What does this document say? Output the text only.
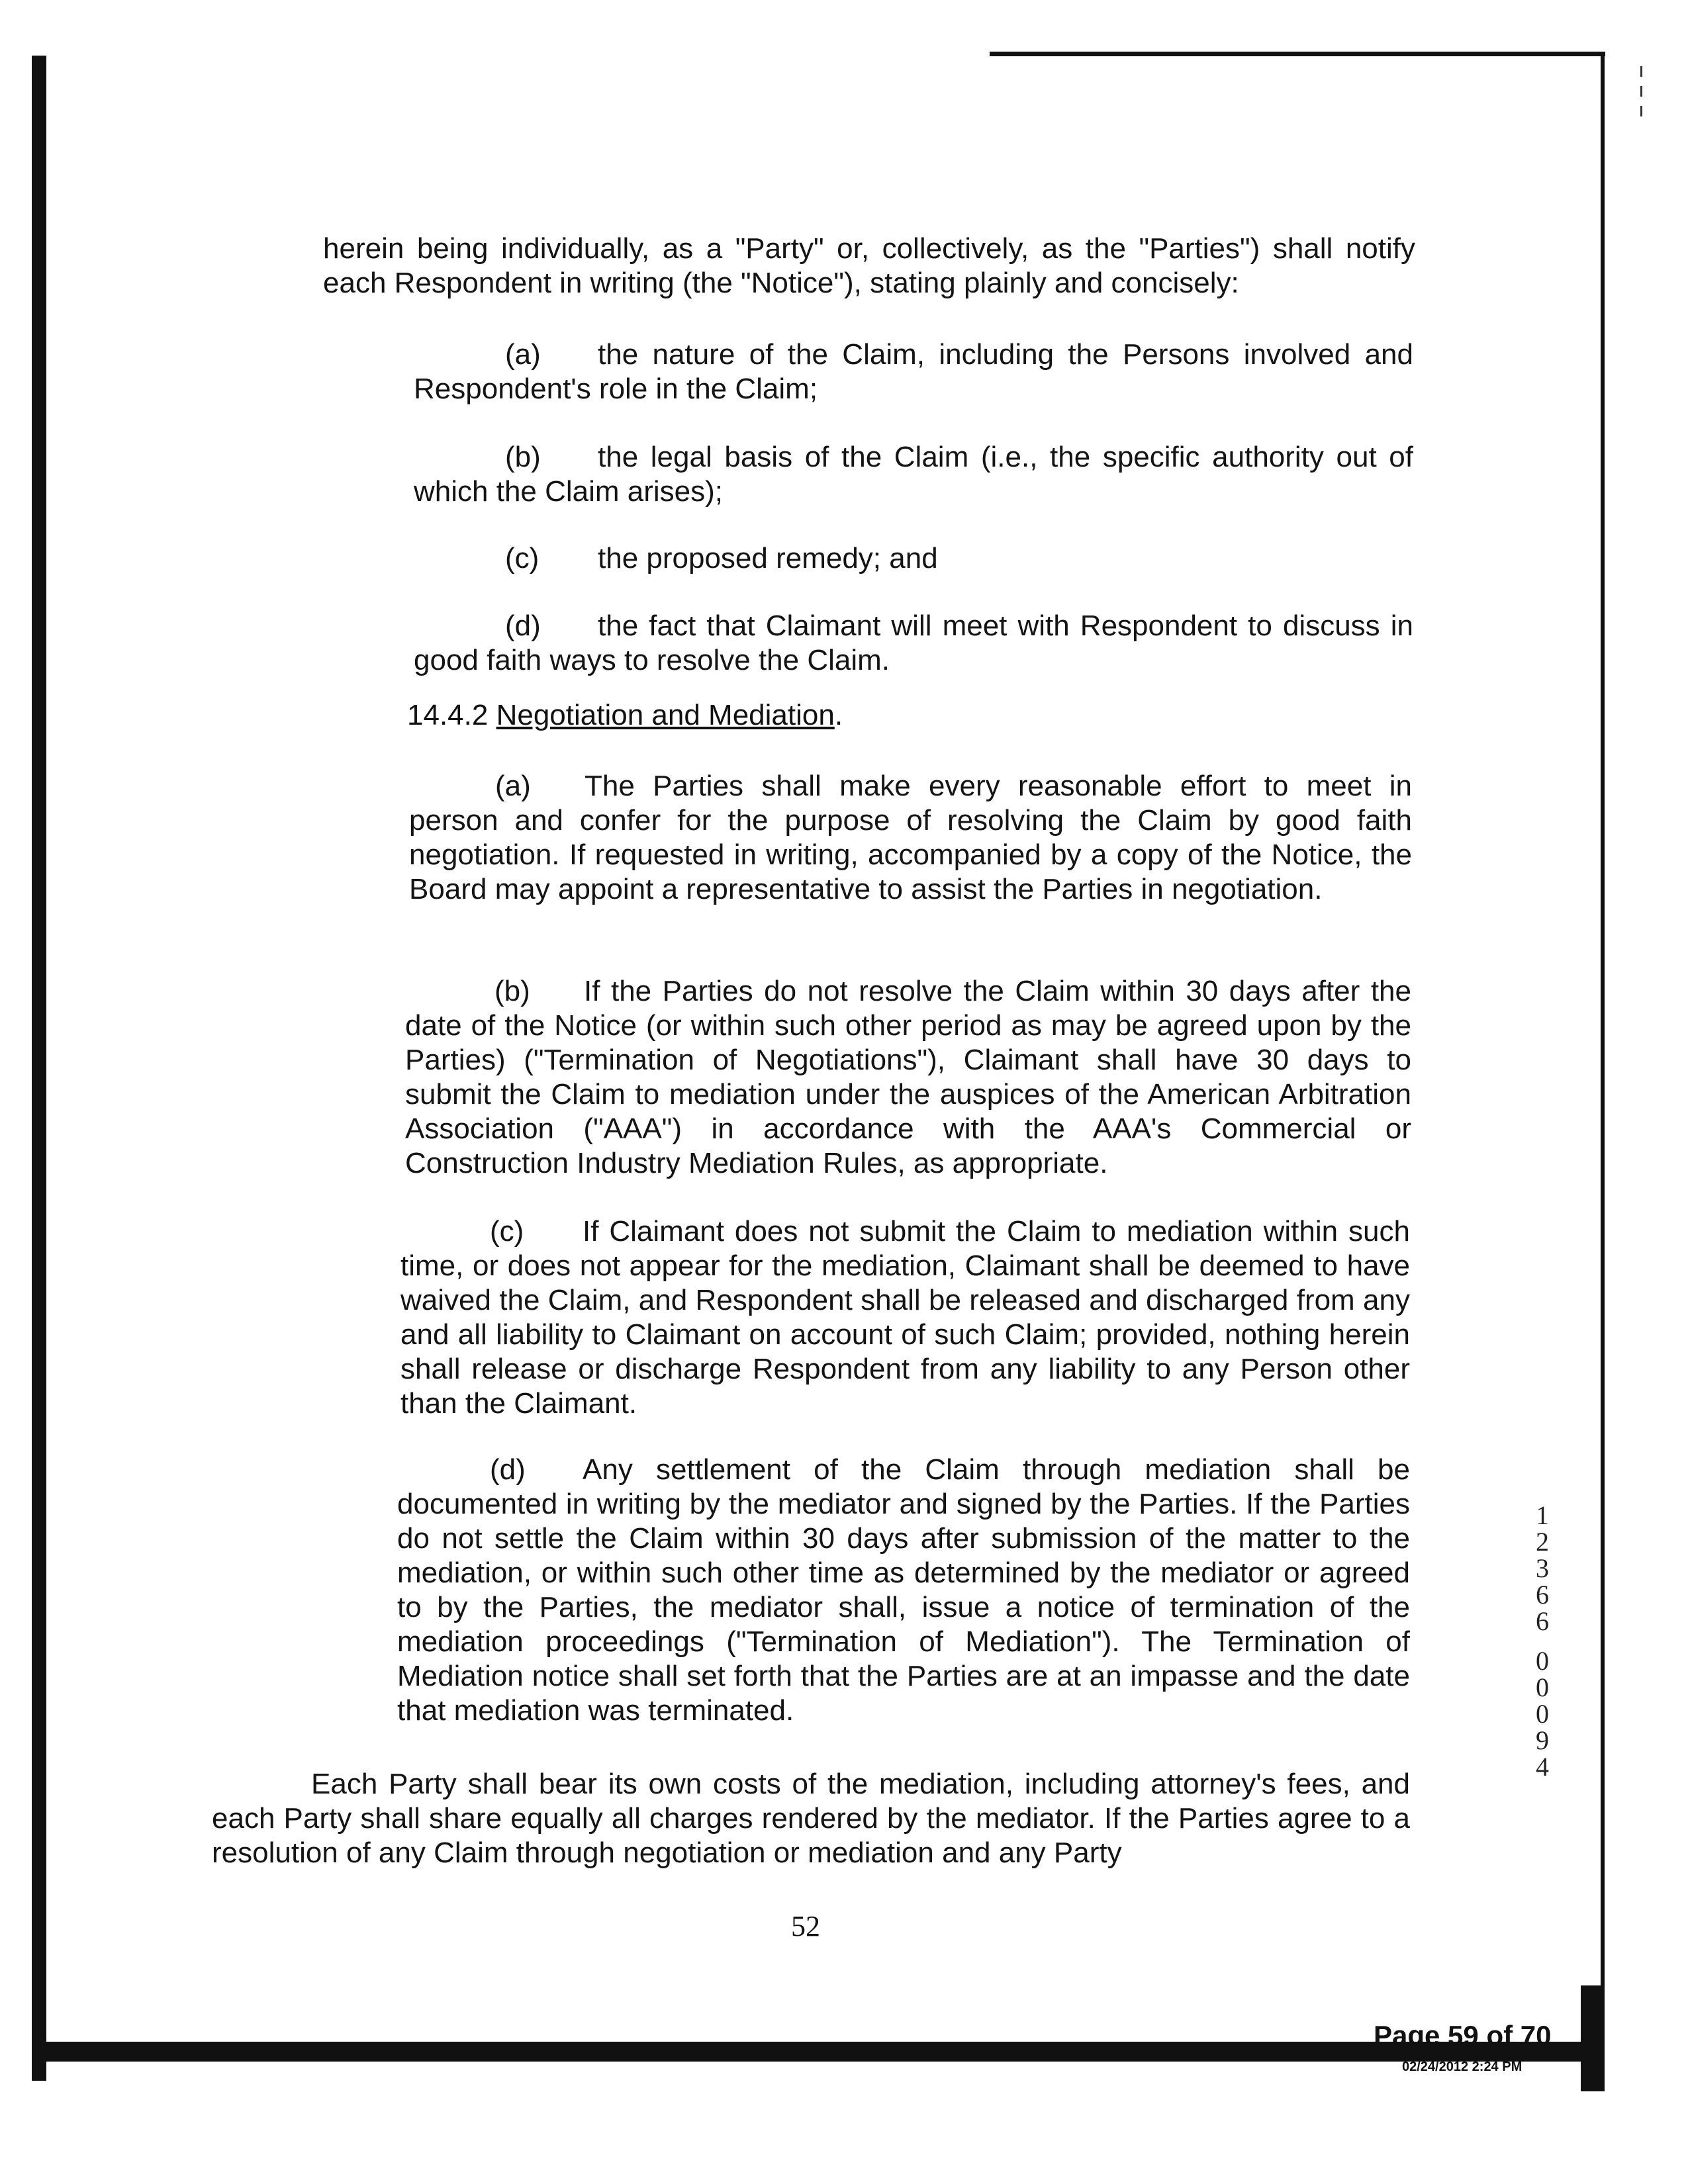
herein being individually, as a "Party" or, collectively, as the "Parties") shall notify each Respondent in writing (the "Notice"), stating plainly and concisely:

(a) the nature of the Claim, including the Persons involved and Respondent's role in the Claim;

(b) the legal basis of the Claim (i.e., the specific authority out of which the Claim arises);

(c) the proposed remedy; and

(d) the fact that Claimant will meet with Respondent to discuss in good faith ways to resolve the Claim.

14.4.2 Negotiation and Mediation.

(a) The Parties shall make every reasonable effort to meet in person and confer for the purpose of resolving the Claim by good faith negotiation. If requested in writing, accompanied by a copy of the Notice, the Board may appoint a representative to assist the Parties in negotiation.

(b) If the Parties do not resolve the Claim within 30 days after the date of the Notice (or within such other period as may be agreed upon by the Parties) ("Termination of Negotiations"), Claimant shall have 30 days to submit the Claim to mediation under the auspices of the American Arbitration Association ("AAA") in accordance with the AAA's Commercial or Construction Industry Mediation Rules, as appropriate.

(c) If Claimant does not submit the Claim to mediation within such time, or does not appear for the mediation, Claimant shall be deemed to have waived the Claim, and Respondent shall be released and discharged from any and all liability to Claimant on account of such Claim; provided, nothing herein shall release or discharge Respondent from any liability to any Person other than the Claimant.

(d) Any settlement of the Claim through mediation shall be documented in writing by the mediator and signed by the Parties. If the Parties do not settle the Claim within 30 days after submission of the matter to the mediation, or within such other time as determined by the mediator or agreed to by the Parties, the mediator shall, issue a notice of termination of the mediation proceedings ("Termination of Mediation"). The Termination of Mediation notice shall set forth that the Parties are at an impasse and the date that mediation was terminated.

Each Party shall bear its own costs of the mediation, including attorney's fees, and each Party shall share equally all charges rendered by the mediator. If the Parties agree to a resolution of any Claim through negotiation or mediation and any Party

52
1
2
3
6
6
0
0
0
9
4
Page 59 of 70
02/24/2012 2:24 PM
